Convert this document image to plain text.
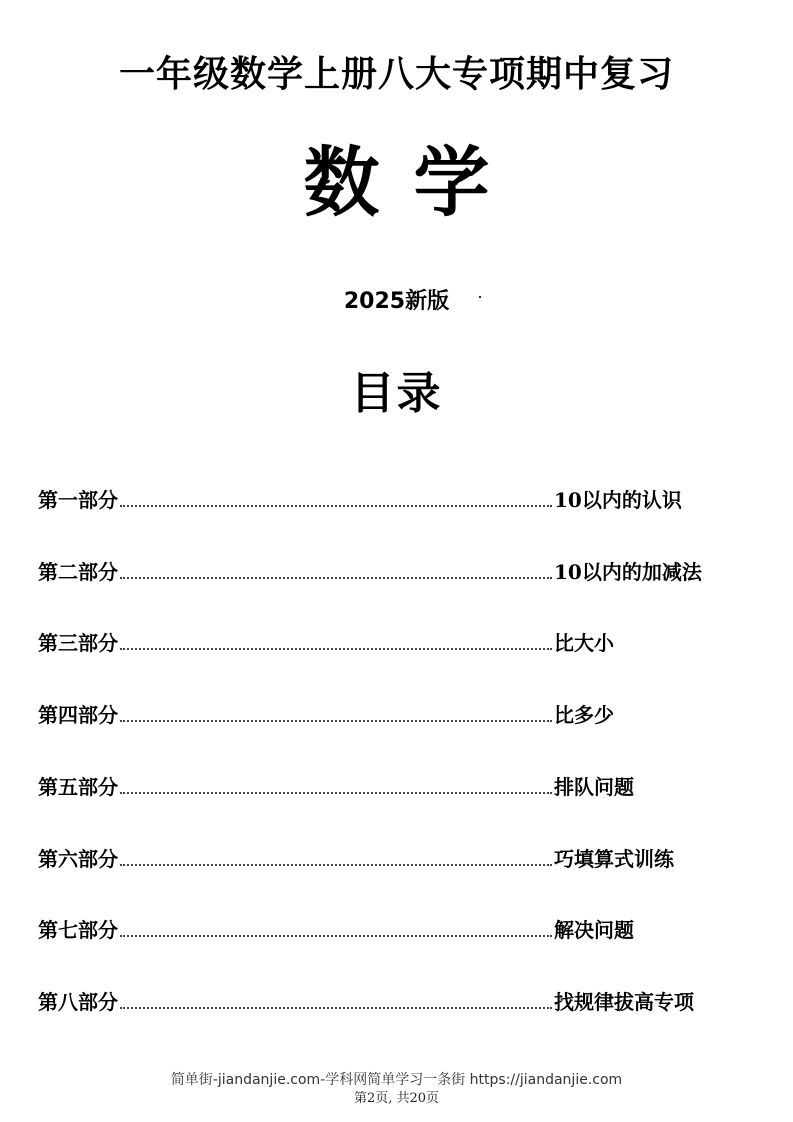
一年级数学上册八大专项期中复习
数学
2025新版
目录
第一部分	10以内的认识
第二部分	10以内的加减法
第三部分	比大小
第四部分	比多少
第五部分	排队问题
第六部分	巧填算式训练
第七部分	解决问题
第八部分	找规律拔高专项
简单街-jiandanjie.com-学科网简单学习一条街 https://jiandanjie.com
第2页, 共20页
